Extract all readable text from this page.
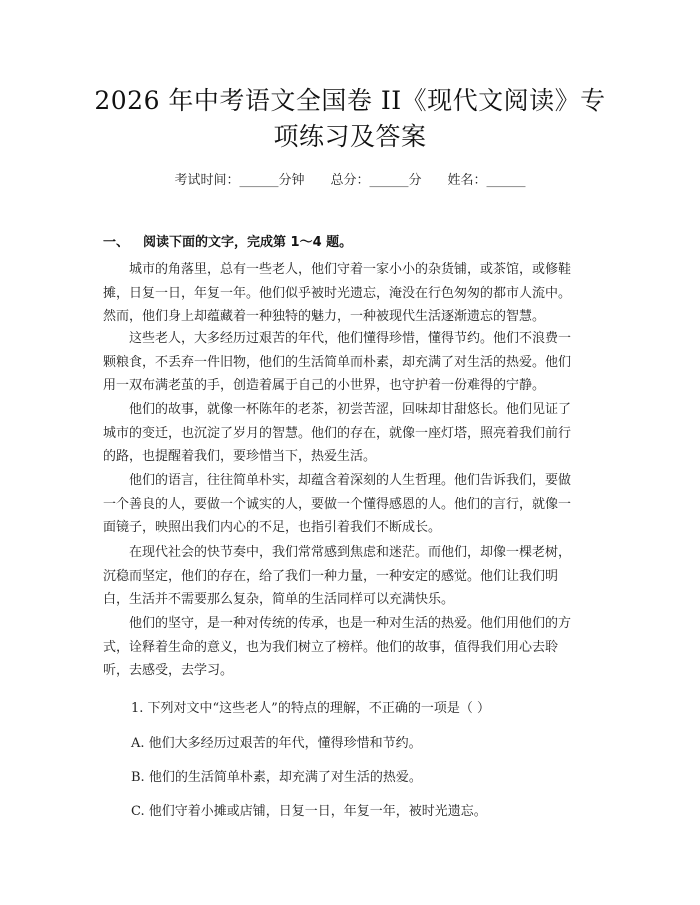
2026 年中考语文全国卷 II《现代文阅读》专
项练习及答案
考试时间：______分钟 总分：______分 姓名：______
一、 阅读下面的文字，完成第 1～4 题。
城市的角落里，总有一些老人，他们守着一家小小的杂货铺，或茶馆，或修鞋
摊，日复一日，年复一年。他们似乎被时光遗忘，淹没在行色匆匆的都市人流中。
然而，他们身上却蕴藏着一种独特的魅力，一种被现代生活逐渐遗忘的智慧。
这些老人，大多经历过艰苦的年代，他们懂得珍惜，懂得节约。他们不浪费一
颗粮食，不丢弃一件旧物，他们的生活简单而朴素，却充满了对生活的热爱。他们
用一双布满老茧的手，创造着属于自己的小世界，也守护着一份难得的宁静。
他们的故事，就像一杯陈年的老茶，初尝苦涩，回味却甘甜悠长。他们见证了
城市的变迁，也沉淀了岁月的智慧。他们的存在，就像一座灯塔，照亮着我们前行
的路，也提醒着我们，要珍惜当下，热爱生活。
他们的语言，往往简单朴实，却蕴含着深刻的人生哲理。他们告诉我们，要做
一个善良的人，要做一个诚实的人，要做一个懂得感恩的人。他们的言行，就像一
面镜子，映照出我们内心的不足，也指引着我们不断成长。
在现代社会的快节奏中，我们常常感到焦虑和迷茫。而他们，却像一棵老树，
沉稳而坚定，他们的存在，给了我们一种力量，一种安定的感觉。他们让我们明
白，生活并不需要那么复杂，简单的生活同样可以充满快乐。
他们的坚守，是一种对传统的传承，也是一种对生活的热爱。他们用他们的方
式，诠释着生命的意义，也为我们树立了榜样。他们的故事，值得我们用心去聆
听，去感受，去学习。
1. 下列对文中“这些老人”的特点的理解，不正确的一项是（ ）
A. 他们大多经历过艰苦的年代，懂得珍惜和节约。
B. 他们的生活简单朴素，却充满了对生活的热爱。
C. 他们守着小摊或店铺，日复一日，年复一年，被时光遗忘。
